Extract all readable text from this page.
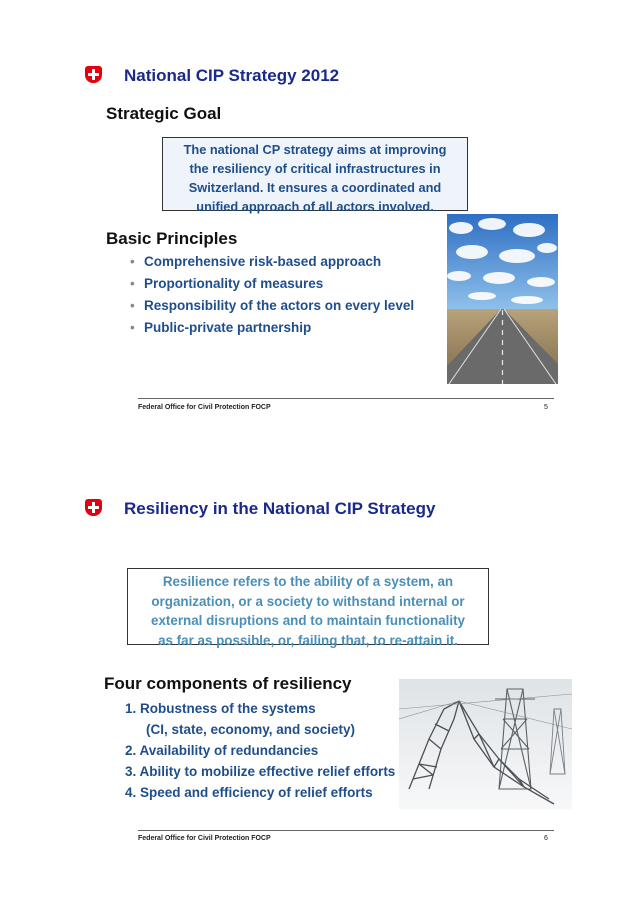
National CIP Strategy 2012
Strategic Goal
The national CP strategy aims at improving
the resiliency of critical infrastructures in
Switzerland. It ensures a coordinated and
unified approach of all actors involved.
Basic Principles
• Comprehensive risk-based approach
• Proportionality of measures
• Responsibility of the actors on every level
• Public-private partnership
Federal Office for Civil Protection FOCP	5
Resiliency in the National CIP Strategy
Resilience refers to the ability of a system, an
organization, or a society to withstand internal or
external disruptions and to maintain functionality
as far as possible, or, failing that, to re-attain it.
Four components of resiliency
1. Robustness of the systems
(CI, state, economy, and society)
2. Availability of redundancies
3. Ability to mobilize effective relief efforts
4. Speed and efficiency of relief efforts
Federal Office for Civil Protection FOCP	6
